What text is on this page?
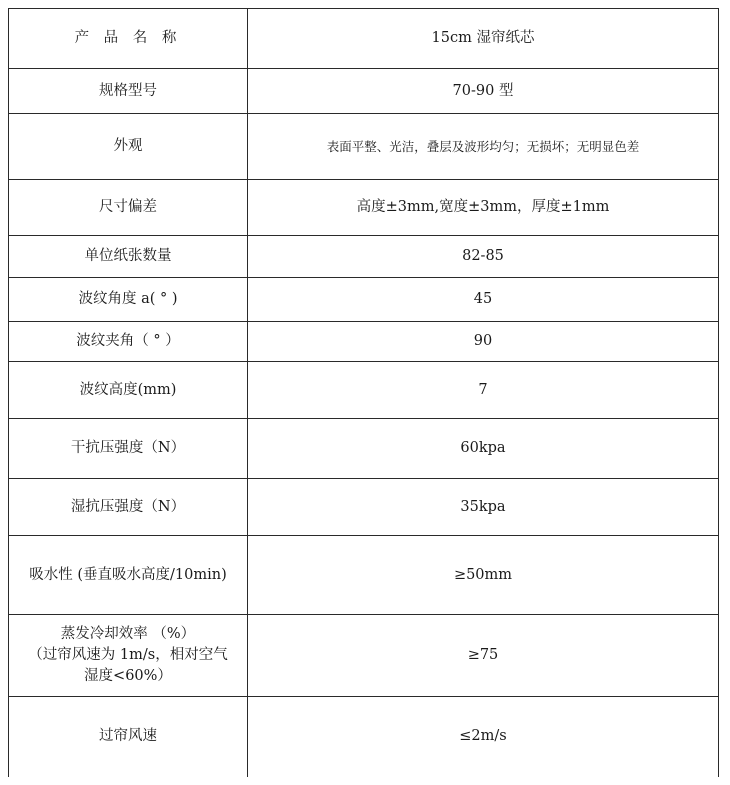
产 品 名 称	15cm 湿帘纸芯
规格型号	70-90 型
外观	表面平整、光洁，叠层及波形均匀；无损坏；无明显色差
尺寸偏差	高度±3mm,宽度±3mm，厚度±1mm
单位纸张数量	82-85
波纹角度 a( ° )	45
波纹夹角（ ° ）	90
波纹高度(mm)	7
干抗压强度（N）	60kpa
湿抗压强度（N）	35kpa
吸水性 (垂直吸水高度/10min)	≥50mm
蒸发冷却效率 （%）
（过帘风速为 1m/s，相对空气
湿度<60%）	≥75
过帘风速	≤2m/s
